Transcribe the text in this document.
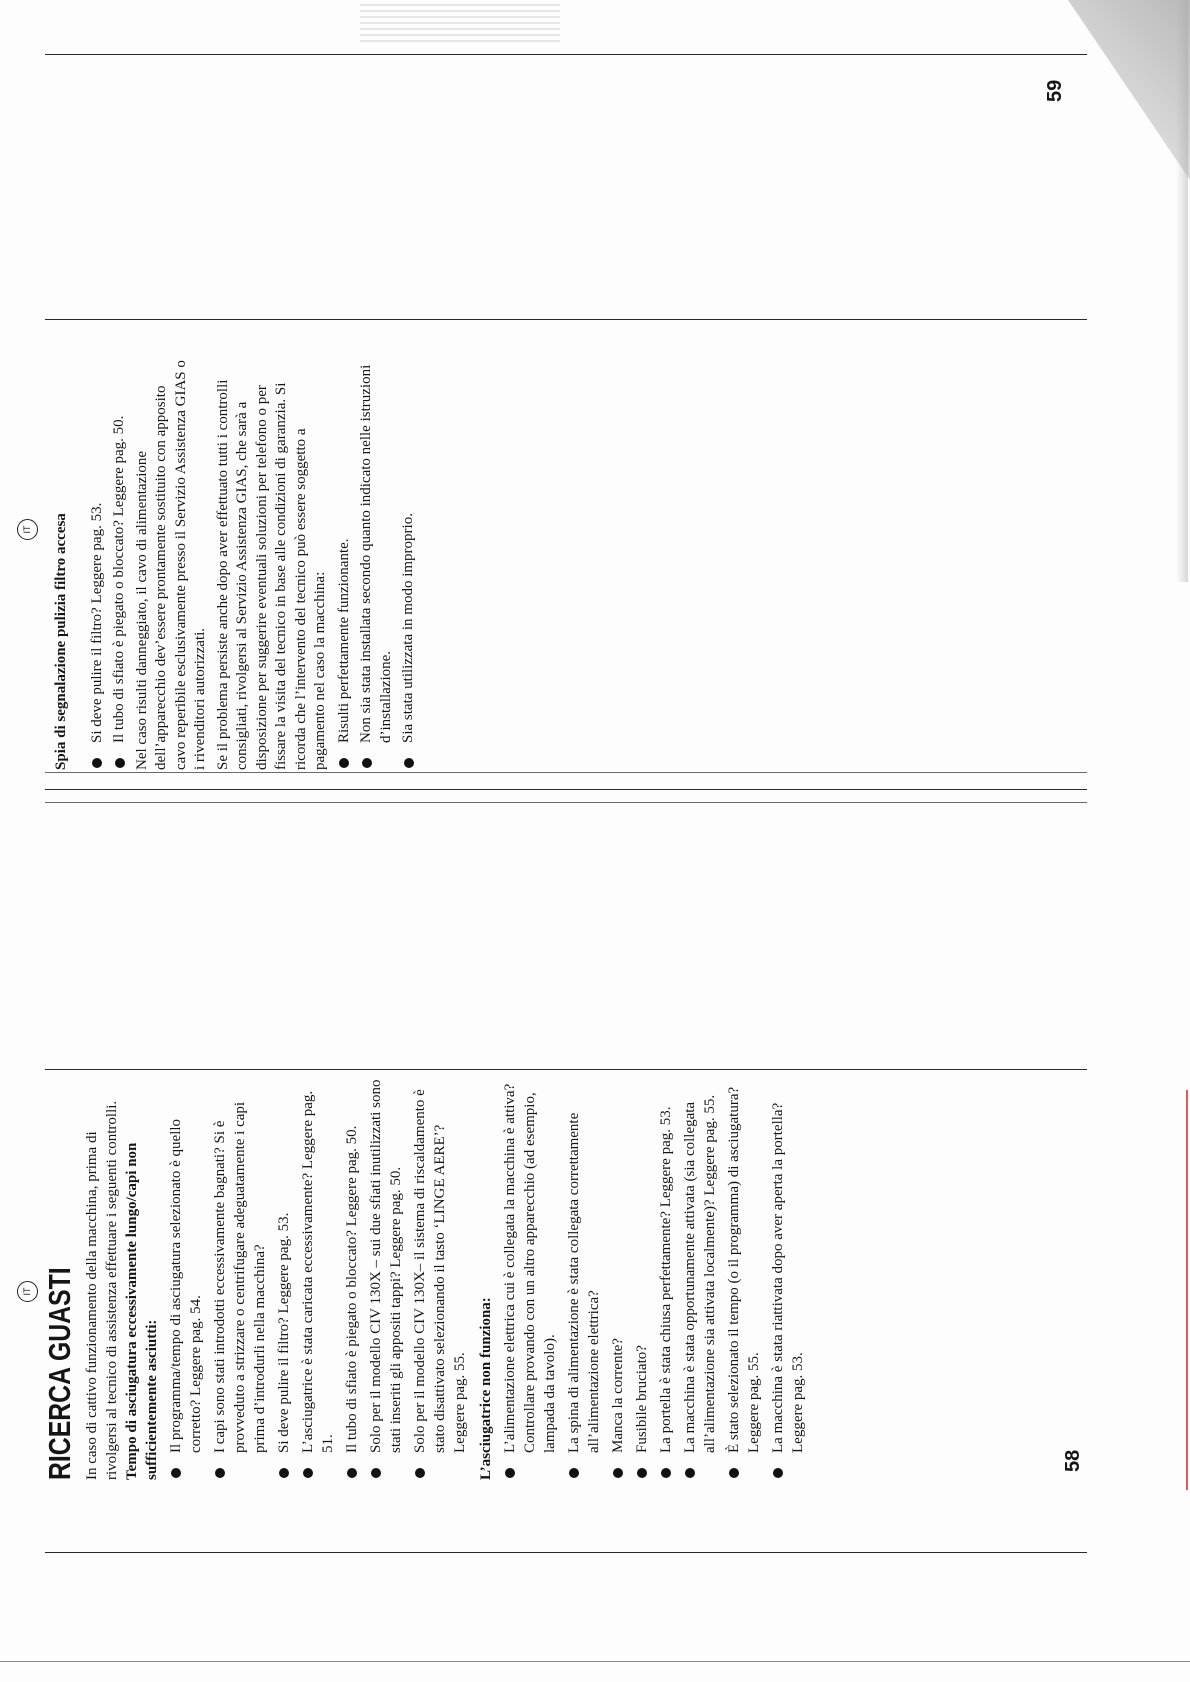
IT RICERCA GUASTI In caso di cattivo funzionamento della macchina, prima di rivolgersi al tecnico di assistenza effettuare i seguenti controlli. Tempo di asciugatura eccessivamente lungo/capi non sufficientemente asciutti: Il programma/tempo di asciugatura selezionato è quello corretto? Leggere pag. 54. I capi sono stati introdotti eccessivamente bagnati? Si è provveduto a strizzare o centrifugare adeguatamente i capi prima d’introdurli nella macchina? Si deve pulire il filtro? Leggere pag. 53. L’asciugatrice è stata caricata eccessivamente? Leggere pag. 51. Il tubo di sfiato è piegato o bloccato? Leggere pag. 50. Solo per il modello CIV 130X – sui due sfiati inutilizzati sono stati inseriti gli appositi tappi? Leggere pag. 50. Solo per il modello CIV 130X– il sistema di riscaldamento è stato disattivato selezionando il tasto ‘LINGE AERE’? Leggere pag. 55. L’asciugatrice non funziona: L’alimentazione elettrica cui è collegata la macchina è attiva? Controllare provando con un altro apparecchio (ad esempio, lampada da tavolo). La spina di alimentazione è stata collegata correttamente all’alimentazione elettrica? Manca la corrente? Fusibile bruciato? La portella è stata chiusa perfettamente? Leggere pag. 53. La macchina è stata opportunamente attivata (sia collegata all’alimentazione sia attivata localmente)? Leggere pag. 55. È stato selezionato il tempo (o il programma) di asciugatura? Leggere pag. 55. La macchina è stata riattivata dopo aver aperta la portella? Leggere pag. 53.
58
IT	Spia di segnalazione pulizia filtro accesa Si deve pulire il filtro? Leggere pag. 53. Il tubo di sfiato è piegato o bloccato? Leggere pag. 50. Nel caso risulti danneggiato, il cavo di alimentazione dell’apparecchio dev’essere prontamente sostituito con apposito cavo reperibile esclusivamente presso il Servizio Assistenza GIAS o i rivenditori autorizzati. Se il problema persiste anche dopo aver effettuato tutti i controlli consigliati, rivolgersi al Servizio Assistenza GIAS, che sarà a disposizione per suggerire eventuali soluzioni per telefono o per fissare la visita del tecnico in base alle condizioni di garanzia. Si ricorda che l’intervento del tecnico può essere soggetto a pagamento nel caso la macchina: Risulti perfettamente funzionante. Non sia stata installata secondo quanto indicato nelle istruzioni d’installazione. Sia stata utilizzata in modo improprio.
59
